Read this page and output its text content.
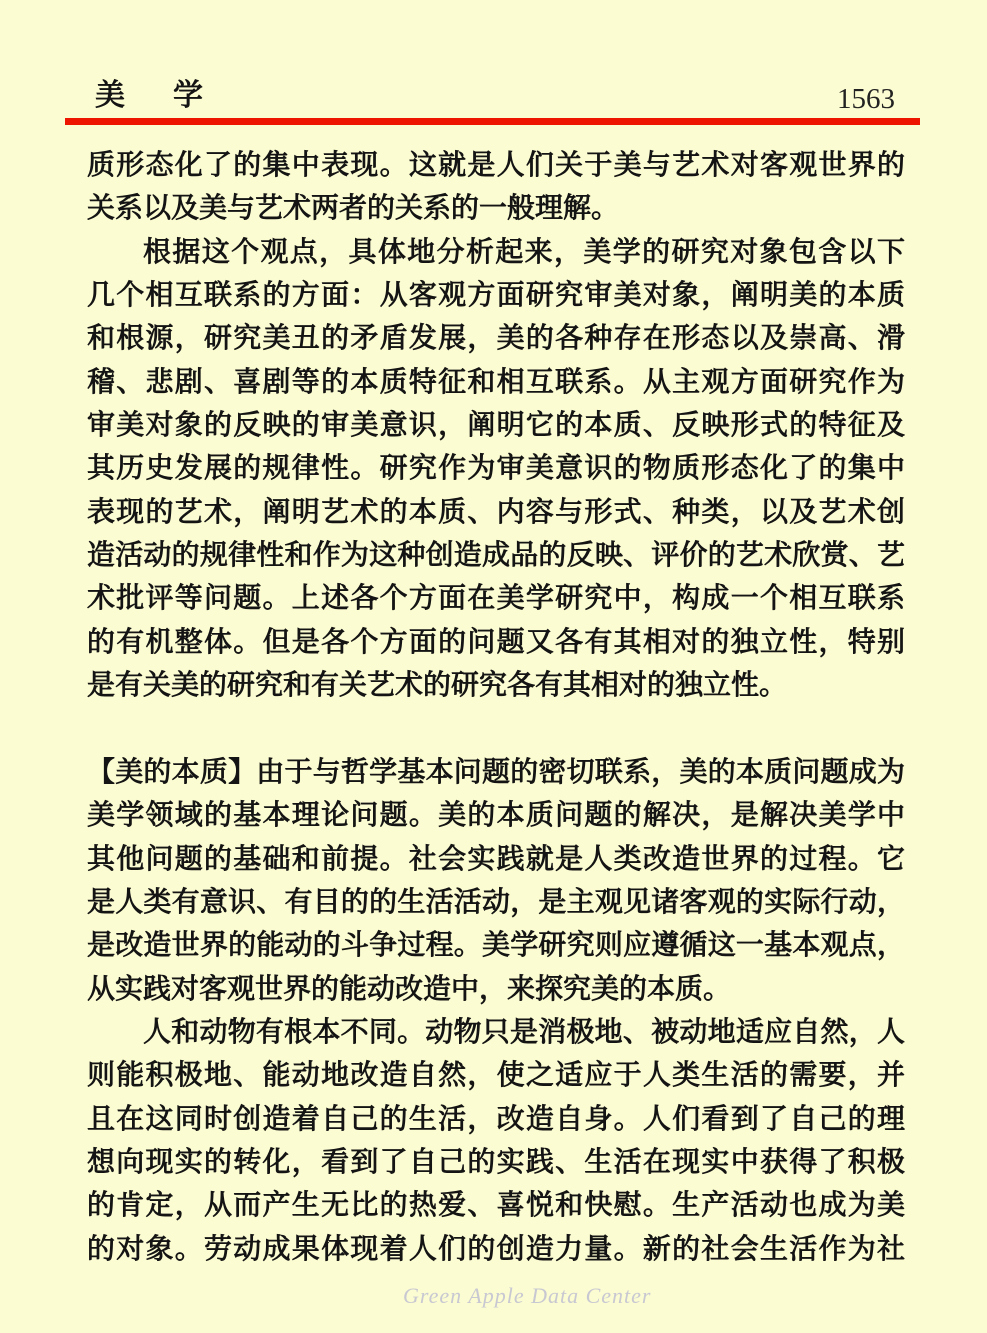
美学	1563
质形态化了的集中表现。这就是人们关于美与艺术对客观世界的
关系以及美与艺术两者的关系的一般理解。
根据这个观点，具体地分析起来，美学的研究对象包含以下
几个相互联系的方面：从客观方面研究审美对象，阐明美的本质
和根源，研究美丑的矛盾发展，美的各种存在形态以及崇高、滑
稽、悲剧、喜剧等的本质特征和相互联系。从主观方面研究作为
审美对象的反映的审美意识，阐明它的本质、反映形式的特征及
其历史发展的规律性。研究作为审美意识的物质形态化了的集中
表现的艺术，阐明艺术的本质、内容与形式、种类，以及艺术创
造活动的规律性和作为这种创造成品的反映、评价的艺术欣赏、艺
术批评等问题。上述各个方面在美学研究中，构成一个相互联系
的有机整体。但是各个方面的问题又各有其相对的独立性，特别
是有关美的研究和有关艺术的研究各有其相对的独立性。
【美的本质】由于与哲学基本问题的密切联系，美的本质问题成为
美学领域的基本理论问题。美的本质问题的解决，是解决美学中
其他问题的基础和前提。社会实践就是人类改造世界的过程。它
是人类有意识、有目的的生活活动，是主观见诸客观的实际行动，
是改造世界的能动的斗争过程。美学研究则应遵循这一基本观点，
从实践对客观世界的能动改造中，来探究美的本质。
人和动物有根本不同。动物只是消极地、被动地适应自然，人
则能积极地、能动地改造自然，使之适应于人类生活的需要，并
且在这同时创造着自己的生活，改造自身。人们看到了自己的理
想向现实的转化，看到了自己的实践、生活在现实中获得了积极
的肯定，从而产生无比的热爱、喜悦和快慰。生产活动也成为美
的对象。劳动成果体现着人们的创造力量。新的社会生活作为社
Green Apple Data Center
